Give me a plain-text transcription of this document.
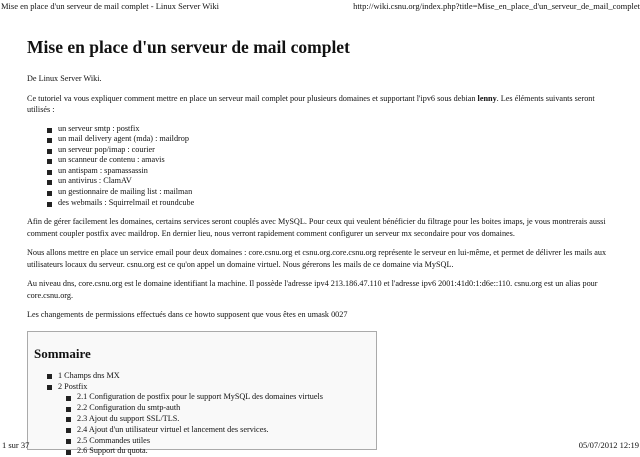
Mise en place d'un serveur de mail complet - Linux Server Wiki	http://wiki.csnu.org/index.php?title=Mise_en_place_d'un_serveur_de_mail_complet
Mise en place d'un serveur de mail complet

De Linux Server Wiki.

Ce tutoriel va vous expliquer comment mettre en place un serveur mail complet pour plusieurs domaines et supportant l'ipv6 sous debian lenny. Les éléments suivants seront utilisés :

un serveur smtp : postfix
un mail delivery agent (mda) : maildrop
un serveur pop/imap : courier
un scanneur de contenu : amavis
un antispam : spamassassin
un antivirus : ClamAV
un gestionnaire de mailing list : mailman
des webmails : Squirrelmail et roundcube

Afin de gérer facilement les domaines, certains services seront couplés avec MySQL. Pour ceux qui veulent bénéficier du filtrage pour les boites imaps, je vous montrerais aussi comment coupler postfix avec maildrop. En dernier lieu, nous verront rapidement comment configurer un serveur mx secondaire pour vos domaines.

Nous allons mettre en place un service email pour deux domaines : core.csnu.org et csnu.org.core.csnu.org représente le serveur en lui-même, et permet de délivrer les mails aux utilisateurs locaux du serveur. csnu.org est ce qu'on appel un domaine virtuel. Nous gérerons les mails de ce domaine via MySQL.

Au niveau dns, core.csnu.org est le domaine identifiant la machine. Il possède l'adresse ipv4 213.186.47.110 et l'adresse ipv6 2001:41d0:1:d6e::110. csnu.org est un alias pour core.csnu.org.

Les changements de permissions effectués dans ce howto supposent que vous êtes en umask 0027

Sommaire
1 Champs dns MX
2 Postfix
2.1 Configuration de postfix pour le support MySQL des domaines virtuels
2.2 Configuration du smtp-auth
2.3 Ajout du support SSL/TLS.
2.4 Ajout d'un utilisateur virtuel et lancement des services.
2.5 Commandes utiles
2.6 Support du quota.
1 sur 37	05/07/2012 12:19
